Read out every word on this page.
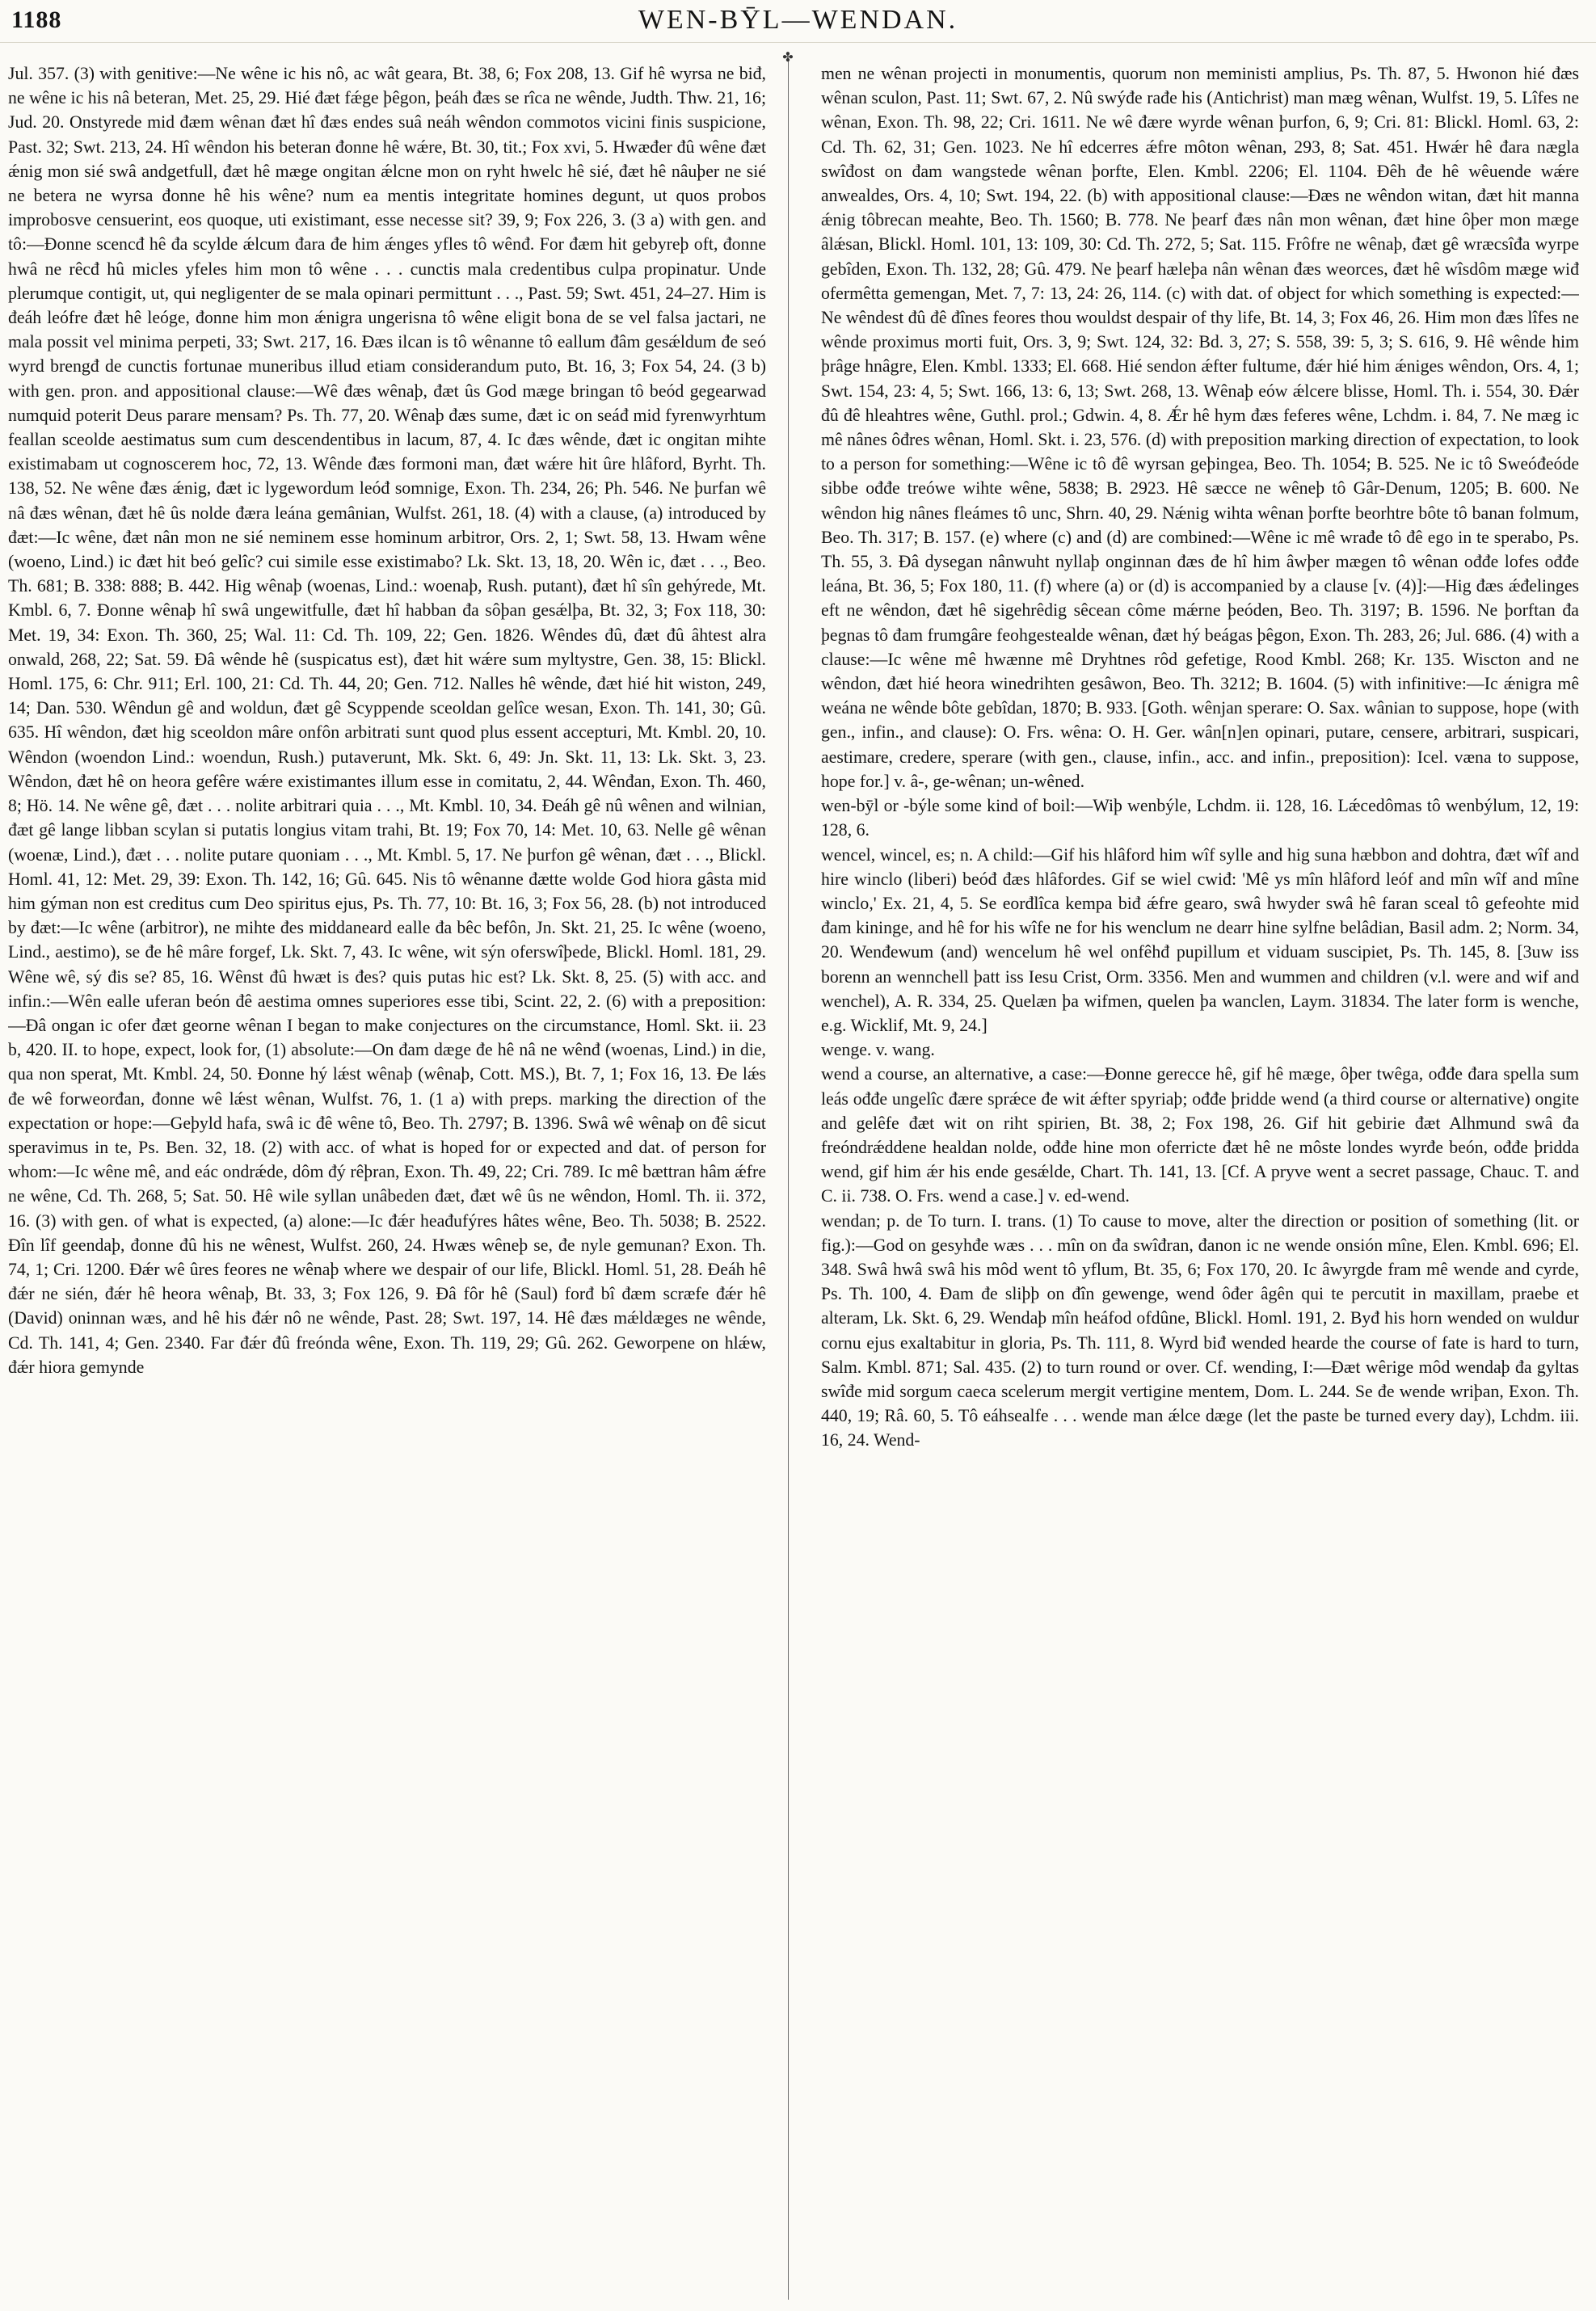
1188	WEN-BȲL—WENDAN.
✤

Jul. 357. (3) with genitive:—Ne wêne ic his nô, ac wât geara, Bt. 38, 6; Fox 208, 13. Gif hê wyrsa ne biđ, ne wêne ic his nâ beteran, Met. 25, 29. Hié đæt fǽge þêgon, þeáh đæs se rîca ne wênde, Judth. Thw. 21, 16; Jud. 20. Onstyrede mid đæm wênan đæt hî đæs endes suâ neáh wêndon commotos vicini finis suspicione, Past. 32; Swt. 213, 24. Hî wêndon his beteran đonne hê wǽre, Bt. 30, tit.; Fox xvi, 5. Hwæđer đû wêne đæt ǽnig mon sié swâ andgetfull, đæt hê mæge ongitan ǽlcne mon on ryht hwelc hê sié, đæt hê nâuþer ne sié ne betera ne wyrsa đonne hê his wêne? num ea mentis integritate homines degunt, ut quos probos improbosve censuerint, eos quoque, uti existimant, esse necesse sit? 39, 9; Fox 226, 3. (3 a) with gen. and tô:—Đonne scencđ hê đa scylde ǽlcum đara đe him ǽnges yfles tô wênđ. For đæm hit gebyreþ oft, đonne hwâ ne rêcđ hû micles yfeles him mon tô wêne . . . cunctis mala credentibus culpa propinatur. Unde plerumque contigit, ut, qui negligenter de se mala opinari permittunt . . ., Past. 59; Swt. 451, 24–27. Him is đeáh leófre đæt hê leóge, đonne him mon ǽnigra ungerisna tô wêne eligit bona de se vel falsa jactari, ne mala possit vel minima perpeti, 33; Swt. 217, 16. Đæs ilcan is tô wênanne tô eallum đâm gesǽldum đe seó wyrd brengđ de cunctis fortunae muneribus illud etiam considerandum puto, Bt. 16, 3; Fox 54, 24. (3 b) with gen. pron. and appositional clause:—Wê đæs wênaþ, đæt ûs God mæge bringan tô beód gegearwad numquid poterit Deus parare mensam? Ps. Th. 77, 20. Wênaþ đæs sume, đæt ic on seáđ mid fyrenwyrhtum feallan sceolde aestimatus sum cum descendentibus in lacum, 87, 4. Ic đæs wênde, đæt ic ongitan mihte existimabam ut cognoscerem hoc, 72, 13. Wênde đæs formoni man, đæt wǽre hit ûre hlâford, Byrht. Th. 138, 52. Ne wêne đæs ǽnig, đæt ic lygewordum leóđ somnige, Exon. Th. 234, 26; Ph. 546. Ne þurfan wê nâ đæs wênan, đæt hê ûs nolde đæra leána gemânian, Wulfst. 261, 18. (4) with a clause, (a) introduced by đæt:—Ic wêne, đæt nân mon ne sié neminem esse hominum arbitror, Ors. 2, 1; Swt. 58, 13. Hwam wêne (woeno, Lind.) ic đæt hit beó gelîc? cui simile esse existimabo? Lk. Skt. 13, 18, 20. Wên ic, đæt . . ., Beo. Th. 681; B. 338: 888; B. 442. Hig wênaþ (woenas, Lind.: woenaþ, Rush. putant), đæt hî sîn gehýrede, Mt. Kmbl. 6, 7. Đonne wênaþ hî swâ ungewitfulle, đæt hî habban đa sôþan gesǽlþa, Bt. 32, 3; Fox 118, 30: Met. 19, 34: Exon. Th. 360, 25; Wal. 11: Cd. Th. 109, 22; Gen. 1826. Wêndes đû, đæt đû âhtest alra onwald, 268, 22; Sat. 59. Đâ wênde hê (suspicatus est), đæt hit wǽre sum myltystre, Gen. 38, 15: Blickl. Homl. 175, 6: Chr. 911; Erl. 100, 21: Cd. Th. 44, 20; Gen. 712. Nalles hê wênde, đæt hié hit wiston, 249, 14; Dan. 530. Wêndun gê and woldun, đæt gê Scyppende sceoldan gelîce wesan, Exon. Th. 141, 30; Gû. 635. Hî wêndon, đæt hig sceoldon mâre onfôn arbitrati sunt quod plus essent accepturi, Mt. Kmbl. 20, 10. Wêndon (woendon Lind.: woendun, Rush.) putaverunt, Mk. Skt. 6, 49: Jn. Skt. 11, 13: Lk. Skt. 3, 23. Wêndon, đæt hê on heora gefêre wǽre existimantes illum esse in comitatu, 2, 44. Wênđan, Exon. Th. 460, 8; Hö. 14. Ne wêne gê, đæt . . . nolite arbitrari quia . . ., Mt. Kmbl. 10, 34. Đeáh gê nû wênen and wilnian, đæt gê lange libban scylan si putatis longius vitam trahi, Bt. 19; Fox 70, 14: Met. 10, 63. Nelle gê wênan (woenæ, Lind.), đæt . . . nolite putare quoniam . . ., Mt. Kmbl. 5, 17. Ne þurfon gê wênan, đæt . . ., Blickl. Homl. 41, 12: Met. 29, 39: Exon. Th. 142, 16; Gû. 645. Nis tô wênanne đætte wolde God hiora gâsta mid him gýman non est creditus cum Deo spiritus ejus, Ps. Th. 77, 10: Bt. 16, 3; Fox 56, 28. (b) not introduced by đæt:—Ic wêne (arbitror), ne mihte đes middaneard ealle đa bêc befôn, Jn. Skt. 21, 25. Ic wêne (woeno, Lind., aestimo), se đe hê mâre forgef, Lk. Skt. 7, 43. Ic wêne, wit sýn oferswîþede, Blickl. Homl. 181, 29. Wêne wê, sý đis se? 85, 16. Wênst đû hwæt is đes? quis putas hic est? Lk. Skt. 8, 25. (5) with acc. and infin.:—Wên ealle uferan beón đê aestima omnes superiores esse tibi, Scint. 22, 2. (6) with a preposition:—Đâ ongan ic ofer đæt georne wênan I began to make conjectures on the circumstance, Homl. Skt. ii. 23 b, 420. II. to hope, expect, look for, (1) absolute:—On đam dæge đe hê nâ ne wênđ (woenas, Lind.) in die, qua non sperat, Mt. Kmbl. 24, 50. Đonne hý lǽst wênaþ (wênaþ, Cott. MS.), Bt. 7, 1; Fox 16, 13. Đe lǽs đe wê forweorđan, đonne wê lǽst wênan, Wulfst. 76, 1. (1 a) with preps. marking the direction of the expectation or hope:—Geþyld hafa, swâ ic đê wêne tô, Beo. Th. 2797; B. 1396. Swâ wê wênaþ on đê sicut speravimus in te, Ps. Ben. 32, 18. (2) with acc. of what is hoped for or expected and dat. of person for whom:—Ic wêne mê, and eác ondrǽde, dôm đý rêþran, Exon. Th. 49, 22; Cri. 789. Ic mê bættran hâm ǽfre ne wêne, Cd. Th. 268, 5; Sat. 50. Hê wile syllan unâbeden đæt, đæt wê ûs ne wêndon, Homl. Th. ii. 372, 16. (3) with gen. of what is expected, (a) alone:—Ic đǽr heađufýres hâtes wêne, Beo. Th. 5038; B. 2522. Đîn lîf geendaþ, đonne đû his ne wênest, Wulfst. 260, 24. Hwæs wêneþ se, đe nyle gemunan? Exon. Th. 74, 1; Cri. 1200. Đǽr wê ûres feores ne wênaþ where we despair of our life, Blickl. Homl. 51, 28. Đeáh hê đǽr ne sién, đǽr hê heora wênaþ, Bt. 33, 3; Fox 126, 9. Đâ fôr hê (Saul) forđ bî đæm scræfe đǽr hê (David) oninnan wæs, and hê his đǽr nô ne wênde, Past. 28; Swt. 197, 14. Hê đæs mǽldæges ne wênde, Cd. Th. 141, 4; Gen. 2340. Far đǽr đû freónda wêne, Exon. Th. 119, 29; Gû. 262. Geworpene on hlǽw, đǽr hiora gemynde

men ne wênan projecti in monumentis, quorum non meministi amplius, Ps. Th. 87, 5. Hwonon hié đæs wênan sculon, Past. 11; Swt. 67, 2. Nû swýđe rađe his (Antichrist) man mæg wênan, Wulfst. 19, 5. Lîfes ne wênan, Exon. Th. 98, 22; Cri. 1611. Ne wê đære wyrde wênan þurfon, 6, 9; Cri. 81: Blickl. Homl. 63, 2: Cd. Th. 62, 31; Gen. 1023. Ne hî edcerres ǽfre môton wênan, 293, 8; Sat. 451. Hwǽr hê đara nægla swîđost on đam wangstede wênan þorfte, Elen. Kmbl. 2206; El. 1104. Đêh đe hê wêuende wǽre anwealdes, Ors. 4, 10; Swt. 194, 22. (b) with appositional clause:—Đæs ne wêndon witan, đæt hit manna ǽnig tôbrecan meahte, Beo. Th. 1560; B. 778. Ne þearf đæs nân mon wênan, đæt hine ôþer mon mæge âlǽsan, Blickl. Homl. 101, 13: 109, 30: Cd. Th. 272, 5; Sat. 115. Frôfre ne wênaþ, đæt gê wræcsîđa wyrpe gebîden, Exon. Th. 132, 28; Gû. 479. Ne þearf hæleþa nân wênan đæs weorces, đæt hê wîsdôm mæge wiđ ofermêtta gemengan, Met. 7, 7: 13, 24: 26, 114. (c) with dat. of object for which something is expected:—Ne wêndest đû đê đînes feores thou wouldst despair of thy life, Bt. 14, 3; Fox 46, 26. Him mon đæs lîfes ne wênde proximus morti fuit, Ors. 3, 9; Swt. 124, 32: Bd. 3, 27; S. 558, 39: 5, 3; S. 616, 9. Hê wênde him þrâge hnâgre, Elen. Kmbl. 1333; El. 668. Hié sendon ǽfter fultume, đǽr hié him ǽniges wêndon, Ors. 4, 1; Swt. 154, 23: 4, 5; Swt. 166, 13: 6, 13; Swt. 268, 13. Wênaþ eów ǽlcere blisse, Homl. Th. i. 554, 30. Đǽr đû đê hleahtres wêne, Guthl. prol.; Gdwin. 4, 8. Ǽr hê hym đæs feferes wêne, Lchdm. i. 84, 7. Ne mæg ic mê nânes ôđres wênan, Homl. Skt. i. 23, 576. (d) with preposition marking direction of expectation, to look to a person for something:—Wêne ic tô đê wyrsan geþingea, Beo. Th. 1054; B. 525. Ne ic tô Sweóđeóde sibbe ođđe treówe wihte wêne, 5838; B. 2923. Hê sæcce ne wêneþ tô Gâr-Denum, 1205; B. 600. Ne wêndon hig nânes fleámes tô unc, Shrn. 40, 29. Nǽnig wihta wênan þorfte beorhtre bôte tô banan folmum, Beo. Th. 317; B. 157. (e) where (c) and (d) are combined:—Wêne ic mê wrađe tô đê ego in te sperabo, Ps. Th. 55, 3. Đâ dysegan nânwuht nyllaþ onginnan đæs đe hî him âwþer mægen tô wênan ođđe lofes ođđe leána, Bt. 36, 5; Fox 180, 11. (f) where (a) or (d) is accompanied by a clause [v. (4)]:—Hig đæs ǽđelinges eft ne wêndon, đæt hê sigehrêdig sêcean côme mǽrne þeóden, Beo. Th. 3197; B. 1596. Ne þorftan đa þegnas tô đam frumgâre feohgestealde wênan, đæt hý beágas þêgon, Exon. Th. 283, 26; Jul. 686. (4) with a clause:—Ic wêne mê hwænne mê Dryhtnes rôd gefetige, Rood Kmbl. 268; Kr. 135. Wiscton and ne wêndon, đæt hié heora winedrihten gesâwon, Beo. Th. 3212; B. 1604. (5) with infinitive:—Ic ǽnigra mê weána ne wênde bôte gebîdan, 1870; B. 933. [Goth. wênjan sperare: O. Sax. wânian to suppose, hope (with gen., infin., and clause): O. Frs. wêna: O. H. Ger. wân[n]en opinari, putare, censere, arbitrari, suspicari, aestimare, credere, sperare (with gen., clause, infin., acc. and infin., preposition): Icel. væna to suppose, hope for.] v. â-, ge-wênan; un-wêned.

wen-bȳl or -býle some kind of boil:—Wiþ wenbýle, Lchdm. ii. 128, 16. Lǽcedômas tô wenbýlum, 12, 19: 128, 6.

wencel, wincel, es; n. A child:—Gif his hlâford him wîf sylle and hig suna hæbbon and dohtra, đæt wîf and hire winclo (liberi) beóđ đæs hlâfordes. Gif se wiel cwiđ: 'Mê ys mîn hlâford leóf and mîn wîf and mîne winclo,' Ex. 21, 4, 5. Se eorđlîca kempa biđ ǽfre gearo, swâ hwyder swâ hê faran sceal tô gefeohte mid đam kininge, and hê for his wîfe ne for his wenclum ne dearr hine sylfne belâdian, Basil adm. 2; Norm. 34, 20. Wenđewum (and) wencelum hê wel onfêhđ pupillum et viduam suscipiet, Ps. Th. 145, 8. [3uw iss borenn an wennchell þatt iss Iesu Crist, Orm. 3356. Men and wummen and children (v.l. were and wif and wenchel), A. R. 334, 25. Quelæn þa wifmen, quelen þa wanclen, Laym. 31834. The later form is wenche, e.g. Wicklif, Mt. 9, 24.]

wenge. v. wang.

wend a course, an alternative, a case:—Đonne gerecce hê, gif hê mæge, ôþer twêga, ođđe đara spella sum leás ođđe ungelîc đære sprǽce đe wit ǽfter spyriaþ; ođđe þridde wend (a third course or alternative) ongite and gelêfe đæt wit on riht spirien, Bt. 38, 2; Fox 198, 26. Gif hit gebirie đæt Alhmund swâ đa freóndrǽddene healdan nolde, ođđe hine mon oferricte đæt hê ne môste londes wyrđe beón, ođđe þridda wend, gif him ǽr his ende gesǽlde, Chart. Th. 141, 13. [Cf. A pryve went a secret passage, Chauc. T. and C. ii. 738. O. Frs. wend a case.] v. ed-wend.

wendan; p. de To turn. I. trans. (1) To cause to move, alter the direction or position of something (lit. or fig.):—God on gesyhđe wæs . . . mîn on đa swîđran, đanon ic ne wende onsión mîne, Elen. Kmbl. 696; El. 348. Swâ hwâ swâ his môd went tô yflum, Bt. 35, 6; Fox 170, 20. Ic âwyrgde fram mê wende and cyrde, Ps. Th. 100, 4. Đam đe sliþþ on đîn gewenge, wend ôđer âgên qui te percutit in maxillam, praebe et alteram, Lk. Skt. 6, 29. Wendaþ mîn heáfod ofdûne, Blickl. Homl. 191, 2. Byđ his horn wended on wuldur cornu ejus exaltabitur in gloria, Ps. Th. 111, 8. Wyrd biđ wended hearde the course of fate is hard to turn, Salm. Kmbl. 871; Sal. 435. (2) to turn round or over. Cf. wending, I:—Đæt wêrige môd wendaþ đa gyltas swîđe mid sorgum caeca scelerum mergit vertigine mentem, Dom. L. 244. Se đe wende wriþan, Exon. Th. 440, 19; Râ. 60, 5. Tô eáhsealfe . . . wende man ǽlce dæge (let the paste be turned every day), Lchdm. iii. 16, 24. Wend-
